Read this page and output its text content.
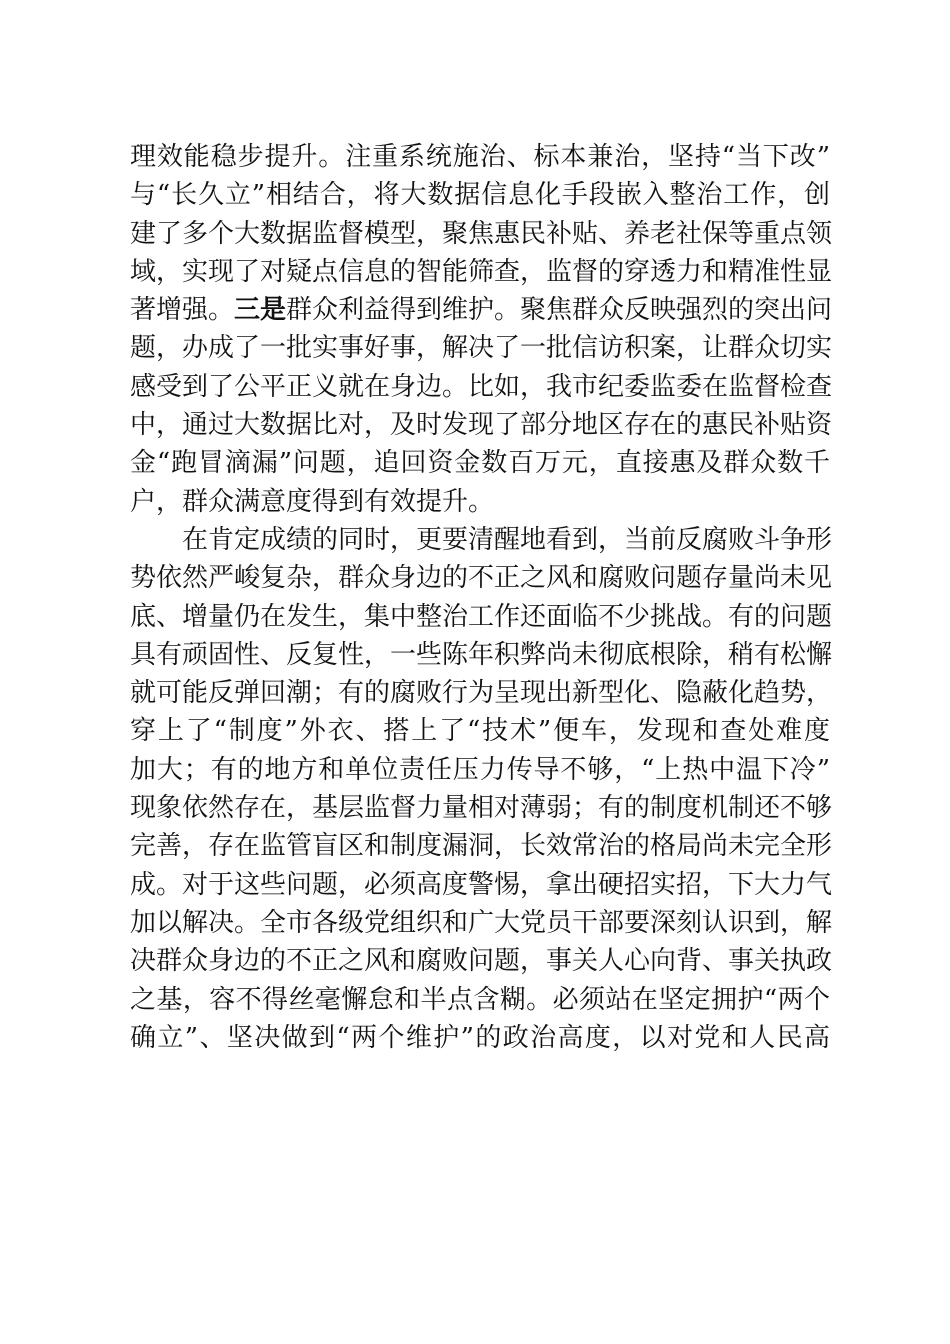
理效能稳步提升。注重系统施治、标本兼治，坚持“当下改”
与“长久立”相结合，将大数据信息化手段嵌入整治工作，创
建了多个大数据监督模型，聚焦惠民补贴、养老社保等重点领
域，实现了对疑点信息的智能筛查，监督的穿透力和精准性显
著增强。三是群众利益得到维护。聚焦群众反映强烈的突出问
题，办成了一批实事好事，解决了一批信访积案，让群众切实
感受到了公平正义就在身边。比如，我市纪委监委在监督检查
中，通过大数据比对，及时发现了部分地区存在的惠民补贴资
金“跑冒滴漏”问题，追回资金数百万元，直接惠及群众数千
户，群众满意度得到有效提升。
在肯定成绩的同时，更要清醒地看到，当前反腐败斗争形
势依然严峻复杂，群众身边的不正之风和腐败问题存量尚未见
底、增量仍在发生，集中整治工作还面临不少挑战。有的问题
具有顽固性、反复性，一些陈年积弊尚未彻底根除，稍有松懈
就可能反弹回潮；有的腐败行为呈现出新型化、隐蔽化趋势，
穿上了“制度”外衣、搭上了“技术”便车，发现和查处难度
加大；有的地方和单位责任压力传导不够，“上热中温下冷”
现象依然存在，基层监督力量相对薄弱；有的制度机制还不够
完善，存在监管盲区和制度漏洞，长效常治的格局尚未完全形
成。对于这些问题，必须高度警惕，拿出硬招实招，下大力气
加以解决。全市各级党组织和广大党员干部要深刻认识到，解
决群众身边的不正之风和腐败问题，事关人心向背、事关执政
之基，容不得丝毫懈怠和半点含糊。必须站在坚定拥护“两个
确立”、坚决做到“两个维护”的政治高度，以对党和人民高
